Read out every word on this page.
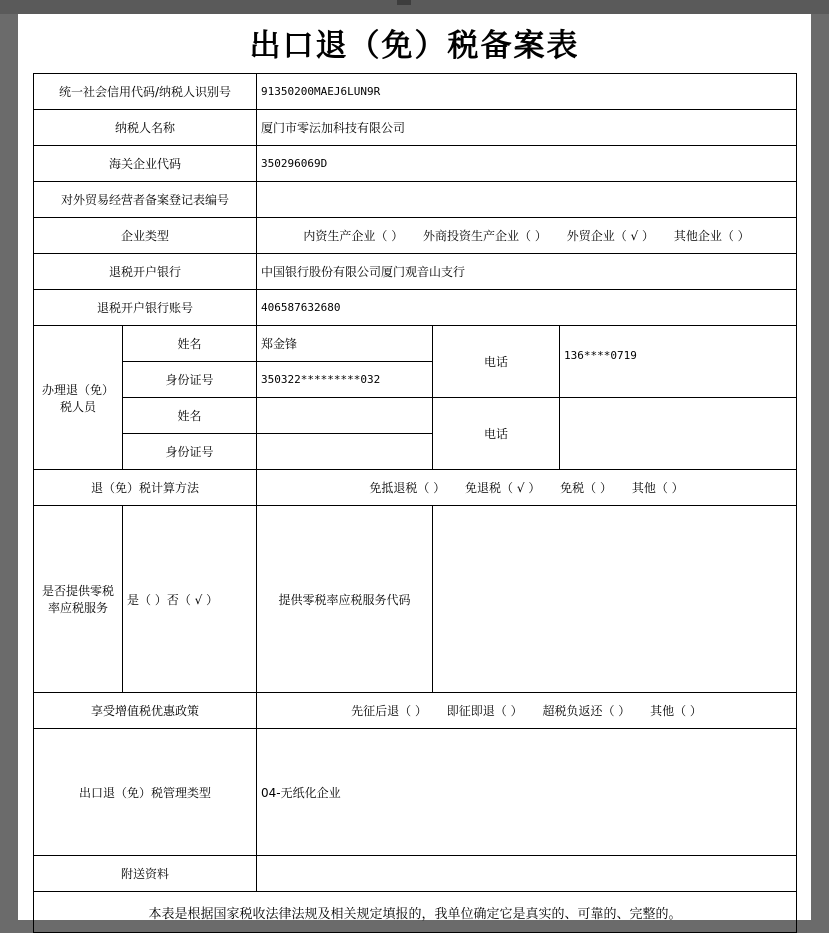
出口退（免）税备案表
统一社会信用代码/纳税人识别号		91350200MAEJ6LUN9R		
纳税人名称		厦门市零沄加科技有限公司		
海关企业代码		350296069D		
对外贸易经营者备案登记表编号				
企业类型		内资生产企业（ ） 外商投资生产企业（ ） 外贸企业（ √ ） 其他企业（ ）		
退税开户银行		中国银行股份有限公司厦门观音山支行		
退税开户银行账号		406587632680		
办理退（免）税人员	姓名	郑金锋	电话	136****0719

	身份证号	350322*********032		
	姓名		电话	
	身份证号			
退（免）税计算方法		免抵退税（ ） 免退税（ √ ） 免税（ ） 其他（ ）		
是否提供零税率应税服务	是（ ）否（ √ ）	提供零税率应税服务代码		
享受增值税优惠政策		先征后退（ ） 即征即退（ ） 超税负返还（ ） 其他（ ）		
出口退（免）税管理类型		04-无纸化企业		
附送资料				
本表是根据国家税收法律法规及相关规定填报的，我单位确定它是真实的、可靠的、完整的。				
